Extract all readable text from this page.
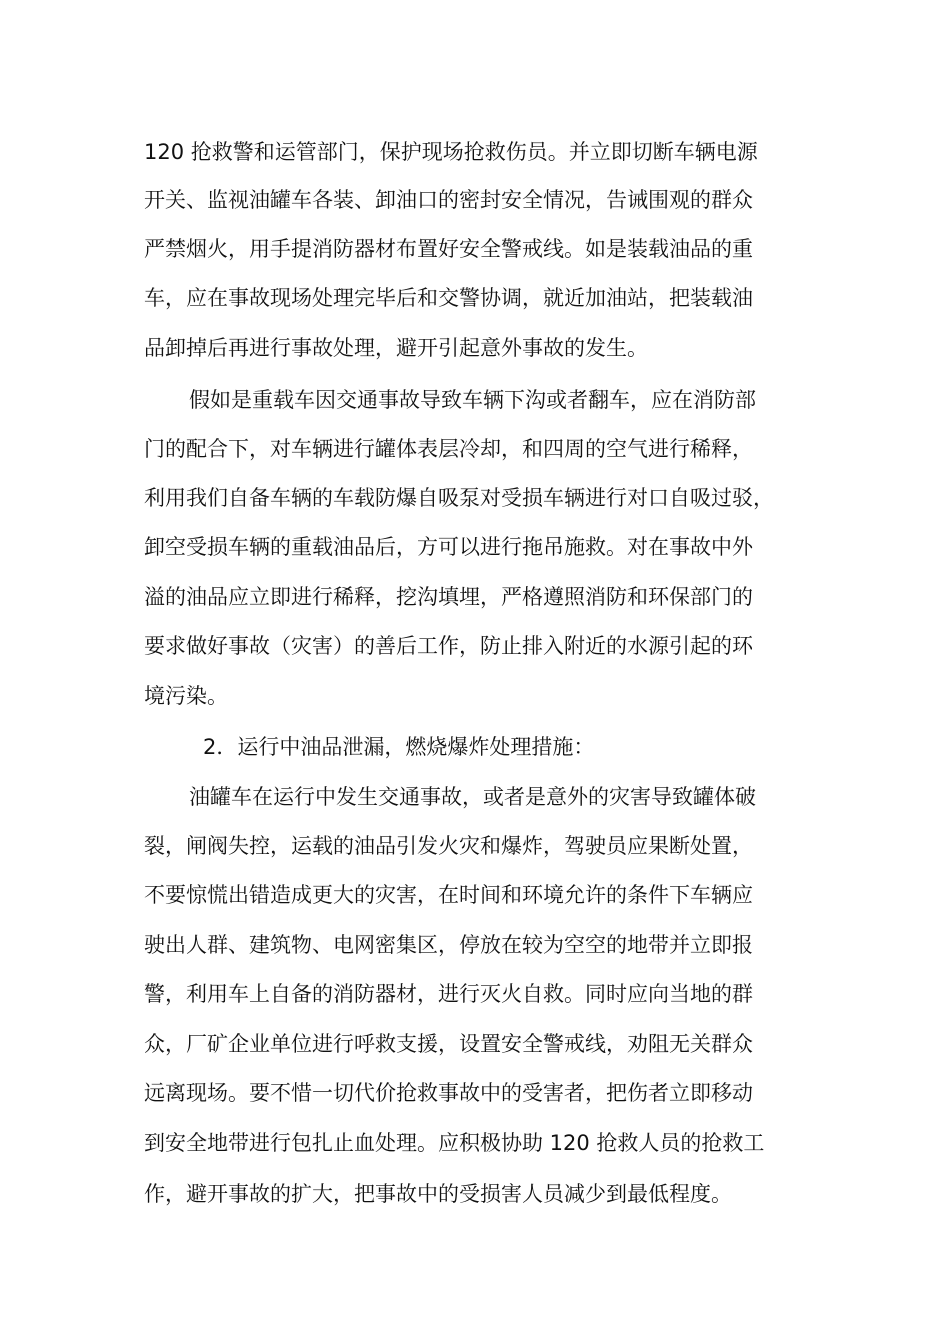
120 抢救警和运管部门，保护现场抢救伤员。并立即切断车辆电源
开关、监视油罐车各装、卸油口的密封安全情况，告诫围观的群众
严禁烟火，用手提消防器材布置好安全警戒线。如是装载油品的重
车，应在事故现场处理完毕后和交警协调，就近加油站，把装载油
品卸掉后再进行事故处理，避开引起意外事故的发生。
假如是重载车因交通事故导致车辆下沟或者翻车，应在消防部
门的配合下，对车辆进行罐体表层冷却，和四周的空气进行稀释，
利用我们自备车辆的车载防爆自吸泵对受损车辆进行对口自吸过驳，
卸空受损车辆的重载油品后，方可以进行拖吊施救。对在事故中外
溢的油品应立即进行稀释，挖沟填埋，严格遵照消防和环保部门的
要求做好事故（灾害）的善后工作，防止排入附近的水源引起的环
境污染。
2．运行中油品泄漏，燃烧爆炸处理措施：
油罐车在运行中发生交通事故，或者是意外的灾害导致罐体破
裂，闸阀失控，运载的油品引发火灾和爆炸，驾驶员应果断处置，
不要惊慌出错造成更大的灾害，在时间和环境允许的条件下车辆应
驶出人群、建筑物、电网密集区，停放在较为空空的地带并立即报
警，利用车上自备的消防器材，进行灭火自救。同时应向当地的群
众，厂矿企业单位进行呼救支援，设置安全警戒线，劝阻无关群众
远离现场。要不惜一切代价抢救事故中的受害者，把伤者立即移动
到安全地带进行包扎止血处理。应积极协助 120 抢救人员的抢救工
作，避开事故的扩大，把事故中的受损害人员减少到最低程度。
